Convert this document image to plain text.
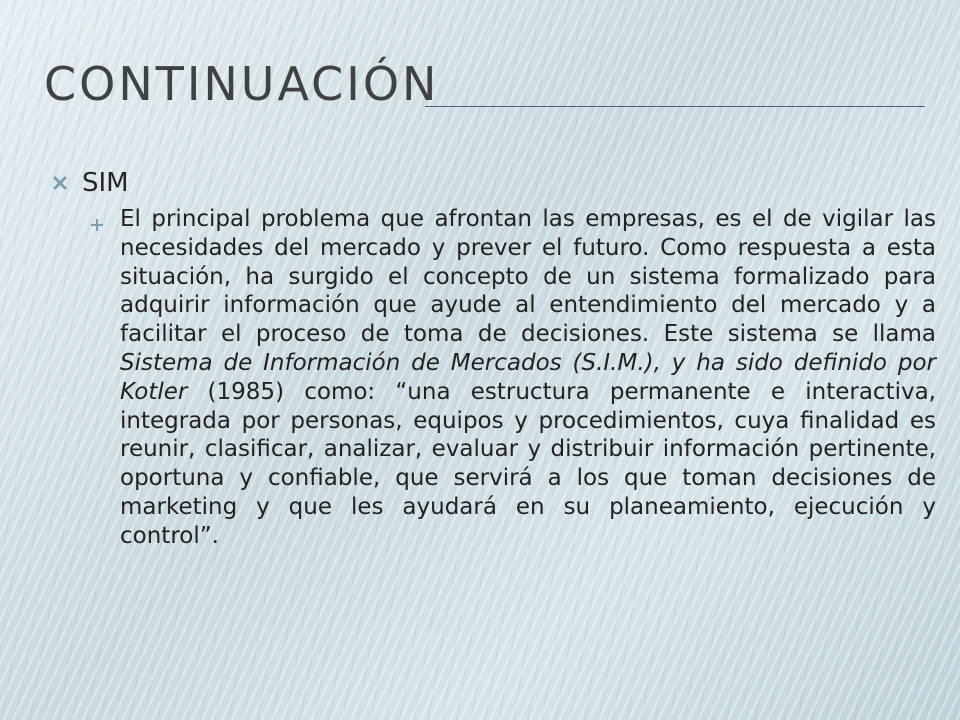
CONTINUACIÓN
SIM

El principal problema que afrontan las empresas, es el de vigilar las necesidades del mercado y prever el futuro. Como respuesta a esta situación, ha surgido el concepto de un sistema formalizado para adquirir información que ayude al entendimiento del mercado y a facilitar el proceso de toma de decisiones. Este sistema se llama Sistema de Información de Mercados (S.I.M.), y ha sido definido por Kotler (1985) como: “una estructura permanente e interactiva, integrada por personas, equipos y procedimientos, cuya finalidad es reunir, clasificar, analizar, evaluar y distribuir información pertinente, oportuna y confiable, que servirá a los que toman decisiones de marketing y que les ayudará en su planeamiento, ejecución y control”.
